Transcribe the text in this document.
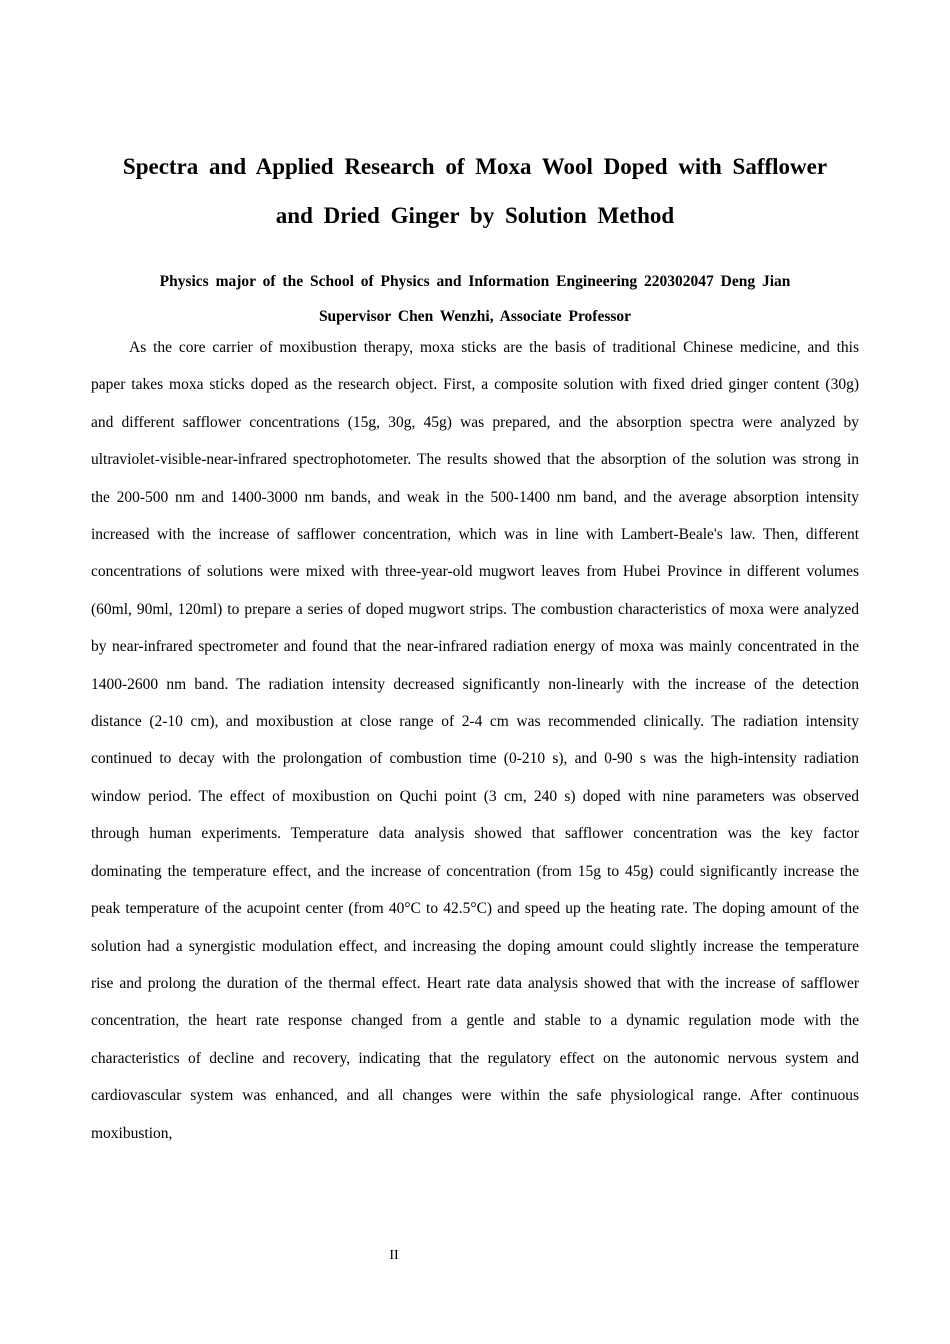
Spectra and Applied Research of Moxa Wool Doped with Safflower
and Dried Ginger by Solution Method
Physics major of the School of Physics and Information Engineering 220302047 Deng Jian
Supervisor Chen Wenzhi, Associate Professor

As the core carrier of moxibustion therapy, moxa sticks are the basis of traditional Chinese medicine, and this paper takes moxa sticks doped as the research object. First, a composite solution with fixed dried ginger content (30g) and different safflower concentrations (15g, 30g, 45g) was prepared, and the absorption spectra were analyzed by ultraviolet-visible-near-infrared spectrophotometer. The results showed that the absorption of the solution was strong in the 200-500 nm and 1400-3000 nm bands, and weak in the 500-1400 nm band, and the average absorption intensity increased with the increase of safflower concentration, which was in line with Lambert-Beale's law. Then, different concentrations of solutions were mixed with three-year-old mugwort leaves from Hubei Province in different volumes (60ml, 90ml, 120ml) to prepare a series of doped mugwort strips. The combustion characteristics of moxa were analyzed by near-infrared spectrometer and found that the near-infrared radiation energy of moxa was mainly concentrated in the 1400-2600 nm band. The radiation intensity decreased significantly non-linearly with the increase of the detection distance (2-10 cm), and moxibustion at close range of 2-4 cm was recommended clinically. The radiation intensity continued to decay with the prolongation of combustion time (0-210 s), and 0-90 s was the high-intensity radiation window period. The effect of moxibustion on Quchi point (3 cm, 240 s) doped with nine parameters was observed through human experiments. Temperature data analysis showed that safflower concentration was the key factor dominating the temperature effect, and the increase of concentration (from 15g to 45g) could significantly increase the peak temperature of the acupoint center (from 40°C to 42.5°C) and speed up the heating rate. The doping amount of the solution had a synergistic modulation effect, and increasing the doping amount could slightly increase the temperature rise and prolong the duration of the thermal effect. Heart rate data analysis showed that with the increase of safflower concentration, the heart rate response changed from a gentle and stable to a dynamic regulation mode with the characteristics of decline and recovery, indicating that the regulatory effect on the autonomic nervous system and cardiovascular system was enhanced, and all changes were within the safe physiological range. After continuous moxibustion,

II
